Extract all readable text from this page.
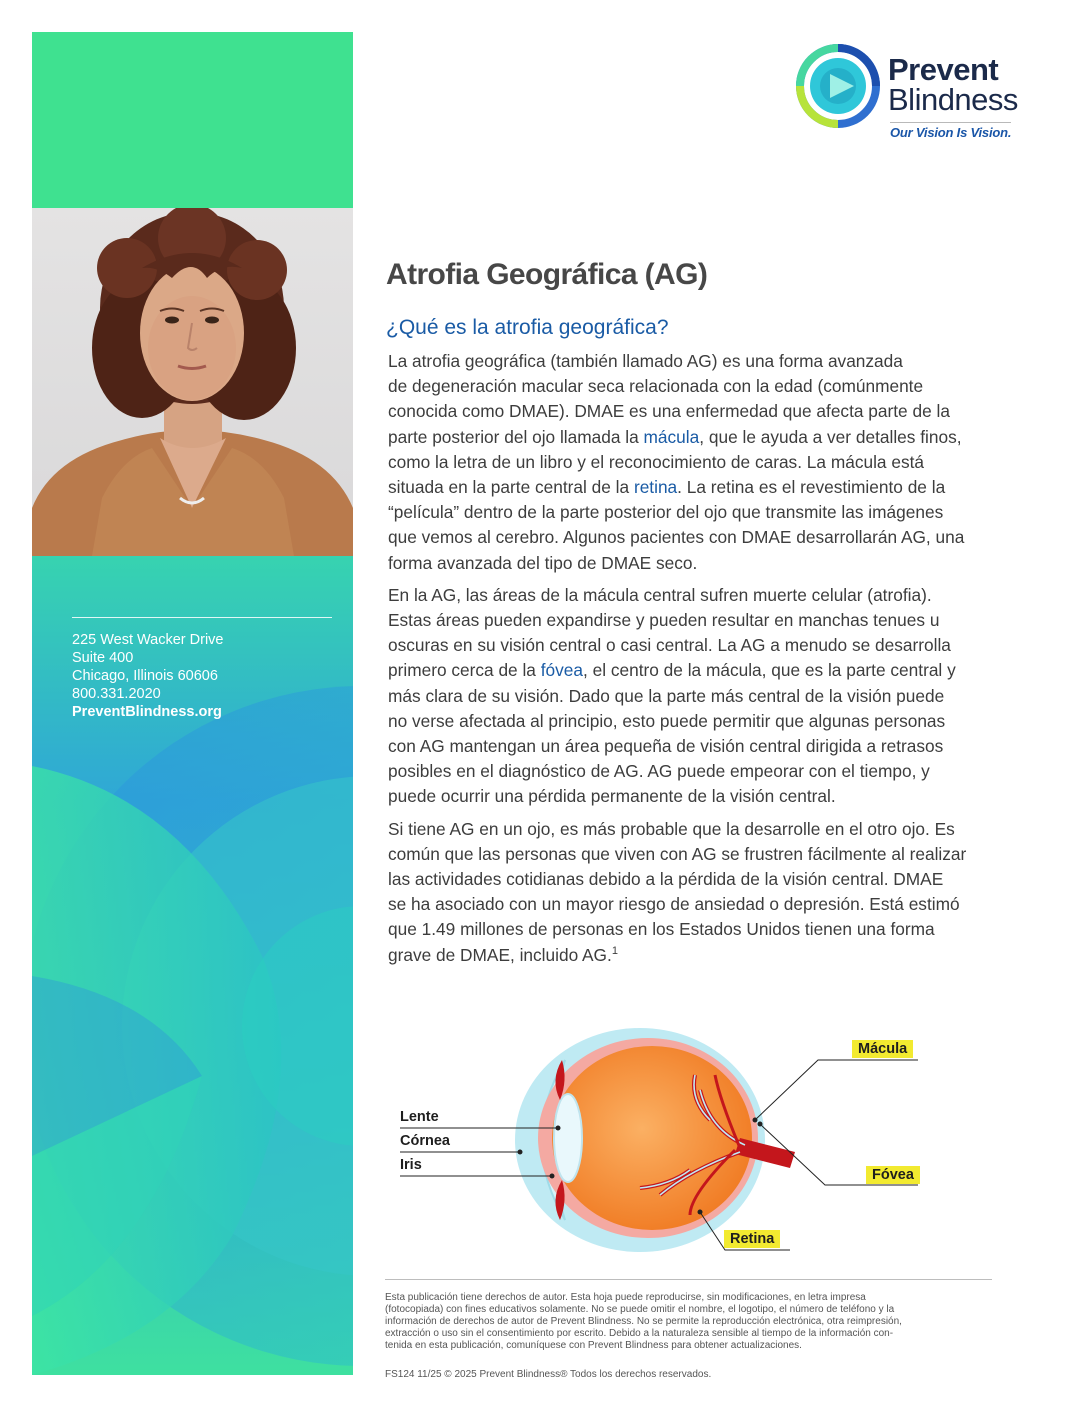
225 West Wacker Drive
Suite 400
Chicago, Illinois 60606
800.331.2020
PreventBlindness.org
Prevent
Blindness
Our Vision Is Vision.
Atrofia Geográfica (AG)
¿Qué es la atrofia geográfica?

La atrofia geográfica (también llamado AG) es una forma avanzada
de degeneración macular seca relacionada con la edad (comúnmente
conocida como DMAE). DMAE es una enfermedad que afecta parte de la
parte posterior del ojo llamada la mácula, que le ayuda a ver detalles finos,
como la letra de un libro y el reconocimiento de caras. La mácula está
situada en la parte central de la retina. La retina es el revestimiento de la
“película” dentro de la parte posterior del ojo que transmite las imágenes
que vemos al cerebro. Algunos pacientes con DMAE desarrollarán AG, una
forma avanzada del tipo de DMAE seco.

En la AG, las áreas de la mácula central sufren muerte celular (atrofia).
Estas áreas pueden expandirse y pueden resultar en manchas tenues u
oscuras en su visión central o casi central. La AG a menudo se desarrolla
primero cerca de la fóvea, el centro de la mácula, que es la parte central y
más clara de su visión. Dado que la parte más central de la visión puede
no verse afectada al principio, esto puede permitir que algunas personas
con AG mantengan un área pequeña de visión central dirigida a retrasos
posibles en el diagnóstico de AG. AG puede empeorar con el tiempo, y
puede ocurrir una pérdida permanente de la visión central.

Si tiene AG en un ojo, es más probable que la desarrolle en el otro ojo. Es
común que las personas que viven con AG se frustren fácilmente al realizar
las actividades cotidianas debido a la pérdida de la visión central. DMAE
se ha asociado con un mayor riesgo de ansiedad o depresión. Está estimó
que 1.49 millones de personas en los Estados Unidos tienen una forma
grave de DMAE, incluido AG.$^1$

Lente
Córnea
Iris
Mácula
Fóvea
Retina
Esta publicación tiene derechos de autor. Esta hoja puede reproducirse, sin modificaciones, en letra impresa
(fotocopiada) con fines educativos solamente. No se puede omitir el nombre, el logotipo, el número de teléfono y la
información de derechos de autor de Prevent Blindness. No se permite la reproducción electrónica, otra reimpresión,
extracción o uso sin el consentimiento por escrito. Debido a la naturaleza sensible al tiempo de la información con-
tenida en esta publicación, comuníquese con Prevent Blindness para obtener actualizaciones.
FS124 11/25 © 2025 Prevent Blindness® Todos los derechos reservados.
